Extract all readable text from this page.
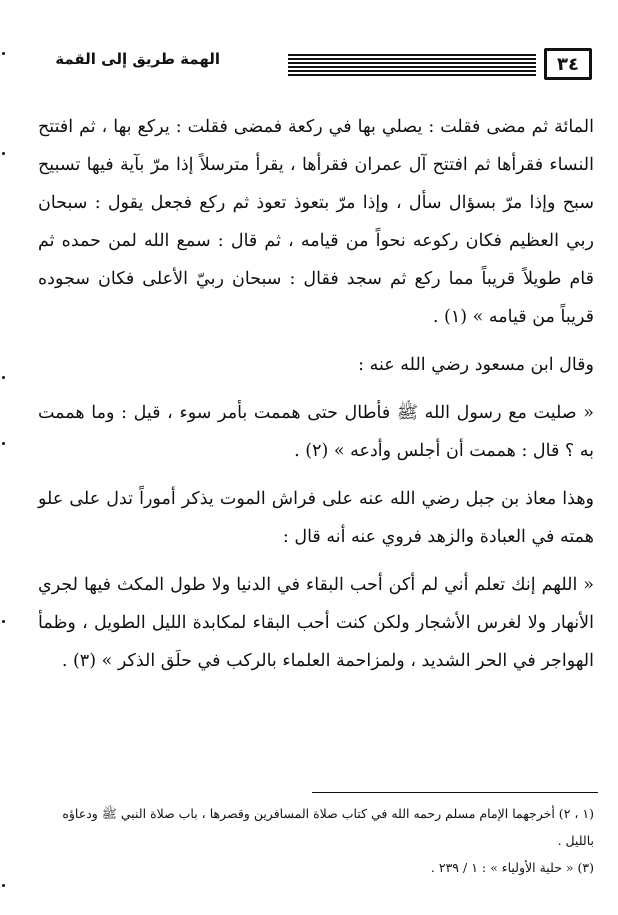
٣٤
الهمة طريق إلى القمة

المائة ثم مضى فقلت : يصلي بها في ركعة فمضى فقلت : يركع بها ، ثم افتتح النساء فقرأها ثم افتتح آل عمران فقرأها ، يقرأ مترسلاً إذا مرّ بآية فيها تسبيح سبح وإذا مرّ بسؤال سأل ، وإذا مرّ بتعوذ تعوذ ثم ركع فجعل يقول : سبحان ربي العظيم فكان ركوعه نحواً من قيامه ، ثم قال : سمع الله لمن حمده ثم قام طويلاً قريباً مما ركع ثم سجد فقال : سبحان ربيّ الأعلى فكان سجوده قريباً من قيامه » (١) .

وقال ابن مسعود رضي الله عنه :

« صليت مع رسول الله ﷺ فأطال حتى هممت بأمر سوء ، قيل : وما هممت به ؟ قال : هممت أن أجلس وأدعه » (٢) .

وهذا معاذ بن جبل رضي الله عنه على فراش الموت يذكر أموراً تدل على علو همته في العبادة والزهد فروي عنه أنه قال :

« اللهم إنك تعلم أني لم أكن أحب البقاء في الدنيا ولا طول المكث فيها لجري الأنهار ولا لغرس الأشجار ولكن كنت أحب البقاء لمكابدة الليل الطويل ، وظمأ الهواجر في الحر الشديد ، ولمزاحمة العلماء بالركب في حلَق الذكر » (٣) .

(١ ، ٢) أخرجهما الإمام مسلم رحمه الله في كتاب صلاة المسافرين وقصرها ، باب صلاة النبي ﷺ ودعاؤه بالليل .

(٣) « حلية الأولياء » : ١ / ٢٣٩ .
